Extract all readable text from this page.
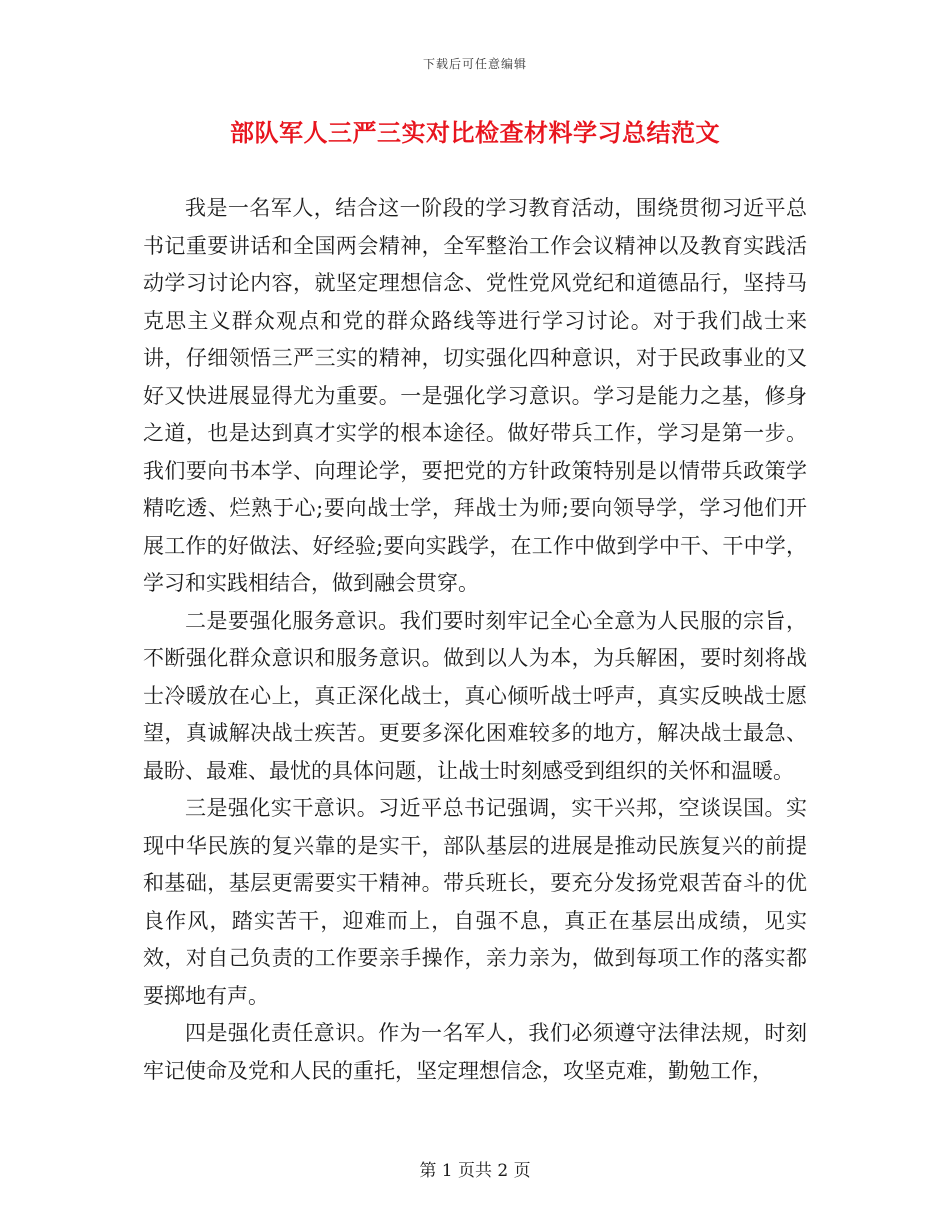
下载后可任意编辑
部队军人三严三实对比检查材料学习总结范文

我是一名军人，结合这一阶段的学习教育活动，围绕贯彻习近平总书记重要讲话和全国两会精神，全军整治工作会议精神以及教育实践活动学习讨论内容，就坚定理想信念、党性党风党纪和道德品行，坚持马克思主义群众观点和党的群众路线等进行学习讨论。对于我们战士来讲，仔细领悟三严三实的精神，切实强化四种意识，对于民政事业的又好又快进展显得尤为重要。一是强化学习意识。学习是能力之基，修身之道，也是达到真才实学的根本途径。做好带兵工作，学习是第一步。我们要向书本学、向理论学，要把党的方针政策特别是以情带兵政策学精吃透、烂熟于心;要向战士学，拜战士为师;要向领导学，学习他们开展工作的好做法、好经验;要向实践学，在工作中做到学中干、干中学，学习和实践相结合，做到融会贯穿。

二是要强化服务意识。我们要时刻牢记全心全意为人民服的宗旨，不断强化群众意识和服务意识。做到以人为本，为兵解困，要时刻将战士冷暖放在心上，真正深化战士，真心倾听战士呼声，真实反映战士愿望，真诚解决战士疾苦。更要多深化困难较多的地方，解决战士最急、最盼、最难、最忧的具体问题，让战士时刻感受到组织的关怀和温暖。

三是强化实干意识。习近平总书记强调，实干兴邦，空谈误国。实现中华民族的复兴靠的是实干，部队基层的进展是推动民族复兴的前提和基础，基层更需要实干精神。带兵班长，要充分发扬党艰苦奋斗的优良作风，踏实苦干，迎难而上，自强不息，真正在基层出成绩，见实效，对自己负责的工作要亲手操作，亲力亲为，做到每项工作的落实都要掷地有声。

四是强化责任意识。作为一名军人，我们必须遵守法律法规，时刻牢记使命及党和人民的重托，坚定理想信念，攻坚克难，勤勉工作，

第 1 页共 2 页
